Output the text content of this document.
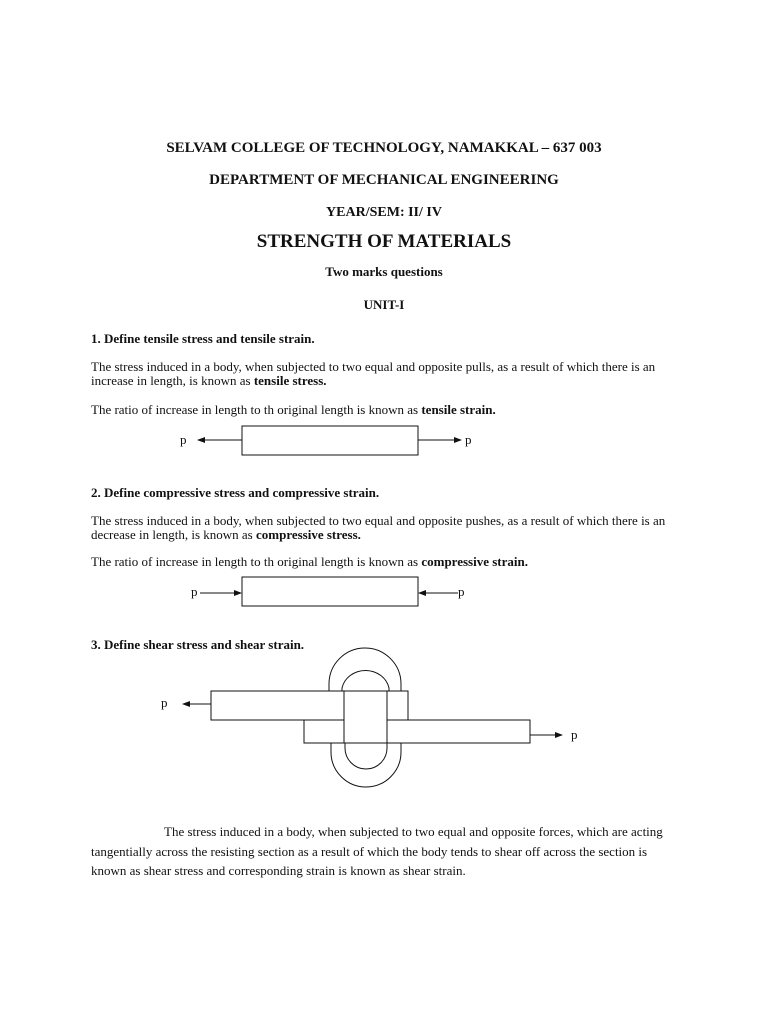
SELVAM COLLEGE OF TECHNOLOGY, NAMAKKAL – 637 003
DEPARTMENT OF MECHANICAL ENGINEERING
YEAR/SEM: II/ IV
STRENGTH OF MATERIALS
Two marks questions
UNIT-I
1. Define tensile stress and tensile strain.
The stress induced in a body, when subjected to two equal and opposite pulls, as a result of which there is an increase in length, is known as tensile stress.
The ratio of increase in length to th original length is known as tensile strain.
p	p
p	p
p
p
2. Define compressive stress and compressive strain.
The stress induced in a body, when subjected to two equal and opposite pushes, as a result of which there is an decrease in length, is known as compressive stress.
The ratio of increase in length to th original length is known as compressive strain.
3. Define shear stress and shear strain.
The stress induced in a body, when subjected to two equal and opposite forces, which are acting tangentially across the resisting section as a result of which the body tends to shear off across the section is known as shear stress and corresponding strain is known as shear strain.
